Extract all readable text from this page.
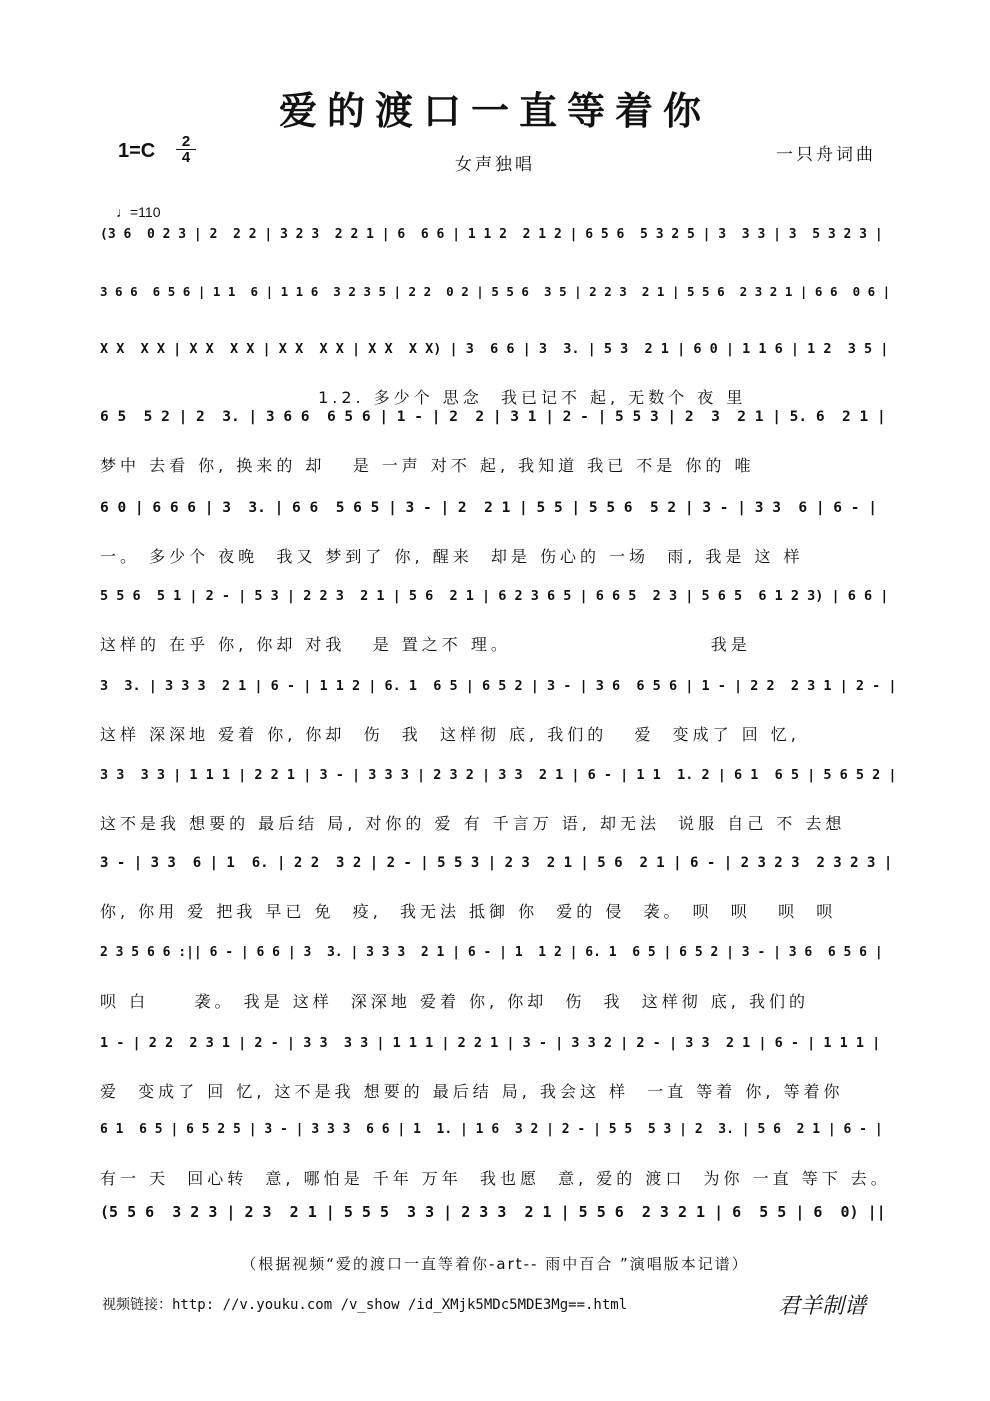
爱的渡口一直等着你
1=C	2
4	女声独唱	一只舟词曲
♩=110
(3 6  0 2 3 | 2  2 2 | 3 2 3  2 2 1 | 6  6 6 | 1 1 2  2 1 2 | 6 5 6  5 3 2 5 | 3  3 3 | 3  5 3 2 3 |
3 6 6  6 5 6 | 1 1  6 | 1 1 6  3 2 3 5 | 2 2  0 2 | 5 5 6  3 5 | 2 2 3  2 1 | 5 5 6  2 3 2 1 | 6 6  0 6 |
X X  X X | X X  X X | X X  X X | X X  X X) | 3  6 6 | 3  3. | 5 3  2 1 | 6 0 | 1 1 6 | 1 2  3 5 |
1.2. 多少个 思念  我已记不 起, 无数个 夜 里
6 5  5 2 | 2  3. | 3 6 6  6 5 6 | 1 - | 2  2 | 3 1 | 2 - | 5 5 3 | 2  3  2 1 | 5. 6  2 1 |
梦中 去看 你, 换来的 却   是 一声 对不 起, 我知道 我已 不是 你的 唯
6 0 | 6 6 6 | 3  3. | 6 6  5 6 5 | 3 - | 2  2 1 | 5 5 | 5 5 6  5 2 | 3 - | 3 3  6 | 6 - |
一。 多少个 夜晚  我又 梦到了 你, 醒来  却是 伤心的 一场  雨, 我是 这 样
5 5 6  5 1 | 2 - | 5 3 | 2 2 3  2 1 | 5 6  2 1 | 6 2 3 6 5 | 6 6 5  2 3 | 5 6 5  6 1 2 3) | 6 6 |
这样的 在乎 你, 你却 对我   是 置之不 理。                      我是
3  3. | 3 3 3  2 1 | 6 - | 1 1 2 | 6. 1  6 5 | 6 5 2 | 3 - | 3 6  6 5 6 | 1 - | 2 2  2 3 1 | 2 - |
这样 深深地 爱着 你, 你却  伤  我  这样彻 底, 我们的   爱  变成了 回 忆,
3 3  3 3 | 1 1 1 | 2 2 1 | 3 - | 3 3 3 | 2 3 2 | 3 3  2 1 | 6 - | 1 1  1. 2 | 6 1  6 5 | 5 6 5 2 |
这不是我 想要的 最后结 局, 对你的 爱 有 千言万 语, 却无法  说服 自己 不 去想
3 - | 3 3  6 | 1  6. | 2 2  3 2 | 2 - | 5 5 3 | 2 3  2 1 | 5 6  2 1 | 6 - | 2 3 2 3  2 3 2 3 |
你, 你用 爱 把我 早已 免  疫,  我无法 抵御 你  爱的 侵  袭。 呗  呗   呗  呗
2 3 5 6 6 :|| 6 - | 6 6 | 3  3. | 3 3 3  2 1 | 6 - | 1  1 2 | 6. 1  6 5 | 6 5 2 | 3 - | 3 6  6 5 6 |
呗 白     袭。 我是 这样  深深地 爱着 你, 你却  伤  我  这样彻 底, 我们的
1 - | 2 2  2 3 1 | 2 - | 3 3  3 3 | 1 1 1 | 2 2 1 | 3 - | 3 3 2 | 2 - | 3 3  2 1 | 6 - | 1 1 1 |
爱  变成了 回 忆, 这不是我 想要的 最后结 局, 我会这 样  一直 等着 你, 等着你
6 1  6 5 | 6 5 2 5 | 3 - | 3 3 3  6 6 | 1  1. | 1 6  3 2 | 2 - | 5 5  5 3 | 2  3. | 5 6  2 1 | 6 - |
有一 天  回心转  意, 哪怕是 千年 万年  我也愿  意, 爱的 渡口  为你 一直 等下 去。
(5 5 6  3 2 3 | 2 3  2 1 | 5 5 5  3 3 | 2 3 3  2 1 | 5 5 6  2 3 2 1 | 6  5 5 | 6  0) ||
（根据视频“爱的渡口一直等着你-art-- 雨中百合 ”演唱版本记谱）
视频链接：http: //v.youku.com /v_show /id_XMjk5MDc5MDE3Mg==.html	君羊制谱
